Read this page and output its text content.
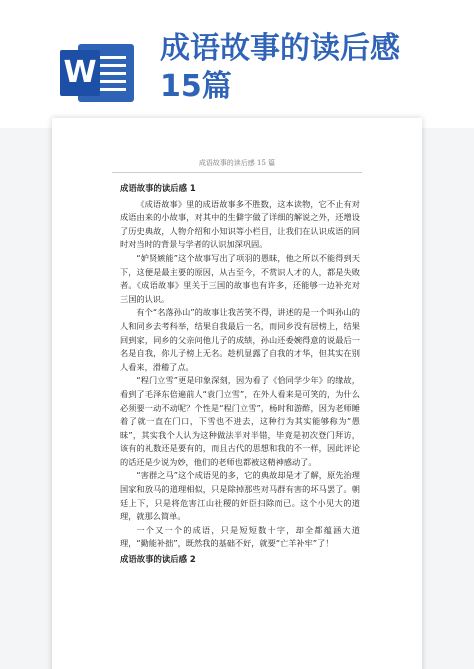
W
成语故事的读后感
15篇
成语故事的读后感 15 篇
成语故事的读后感 1

《成语故事》里的成语故事多不胜数，这本读物，它不止有对成语由来的小故事，对其中的生僻字做了详细的解说之外，还增设了历史典故，人物介绍和小知识等小栏目，让我们在认识成语的同时对当时的背景与学者的认识加深巩固。

“妒贤嫉能”这个故事写出了项羽的愚昧，他之所以不能得到天下，这便是最主要的原因，从古至今，不赏识人才的人，都是失败者。《成语故事》里关于三国的故事也有许多，还能够一边补充对三国的认识。

有个“名落孙山”的故事让我苦笑不得，讲述的是一个叫孙山的人和同乡去考科举，结果自我最后一名，而同乡没有居榜上，结果回到家，同乡的父亲问他儿子的成绩，孙山还委婉得意的说最后一名是自我，你儿子榜上无名。趁机显露了自我的才华，但其实在别人看来，滑稽了点。

“程门立雪”更是印象深刻，因为看了《恰同学少年》的缘故，看到了毛泽东倍遍前人“袁门立雪”，在外人看来是可笑的，为什么必须要一动不动呢？个性是“程门立雪”，杨时和游酢，因为老师睡着了就一直在门口，下雪也不进去，这种行为其实能够称为“愚昧”，其实我个人认为这种做法半对半错，毕竟是初次登门拜访，该有的礼数还是要有的，而且古代的思想和我的不一样，因此评论的话还是少说为妙，他们的老师也都被这精神感动了。

“害群之马”这个成语见的多，它的典故却是才了解，原先治理国家和放马的道理相似，只是除掉那些对马群有害的坏马罢了。朝廷上下，只是将危害江山社稷的奸臣扫除而已。这个小见大的道理，就那么简单。

一个又一个的成语，只是短短数十字，却全都蕴涵大道理，“勤能补拙”，既然我的基础不好，就要“亡羊补牢”了！

成语故事的读后感 2
